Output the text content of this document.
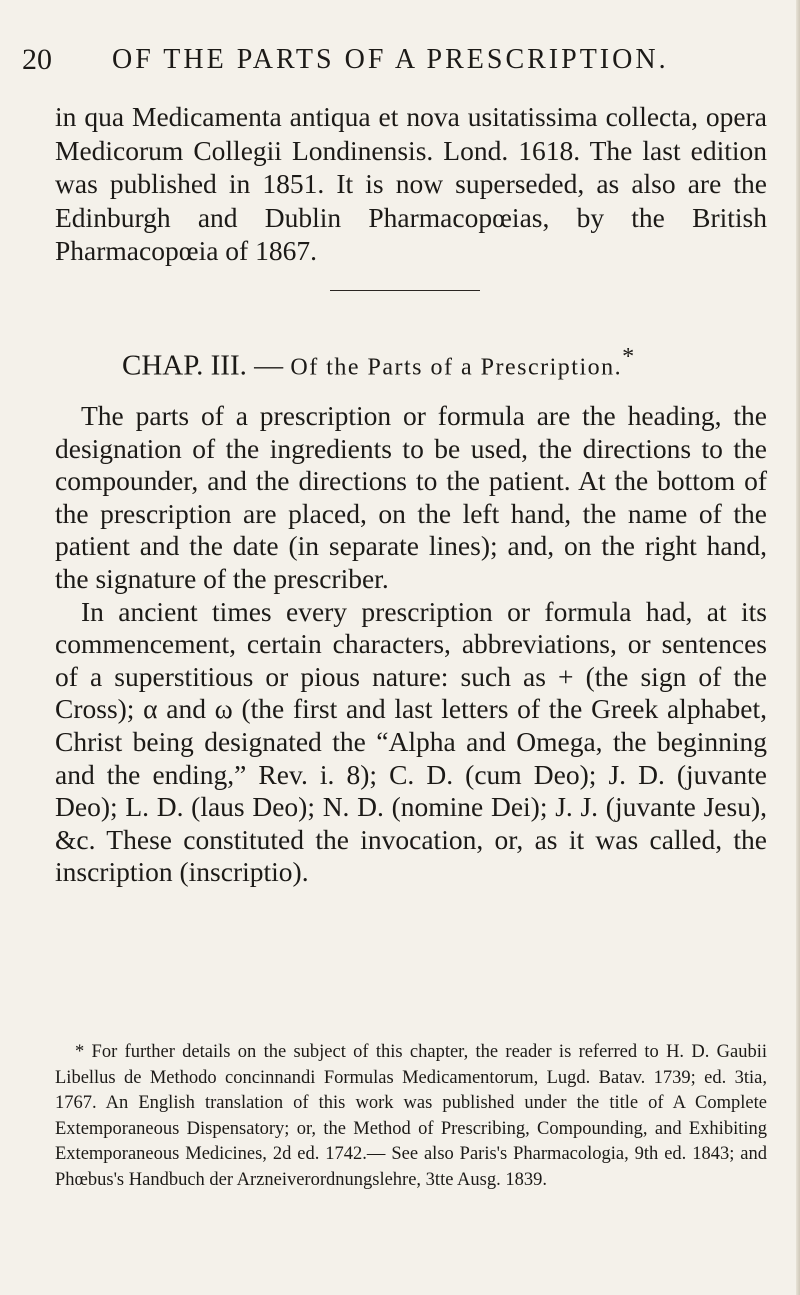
20 OF THE PARTS OF A PRESCRIPTION.
in qua Medicamenta antiqua et nova usitatissima collecta, opera Medicorum Collegii Londinensis. Lond. 1618. The last edition was published in 1851. It is now superseded, as also are the Edinburgh and Dublin Pharmacopœias, by the British Pharmacopœia of 1867.
CHAP. III. — Of the Parts of a Prescription.*

The parts of a prescription or formula are the heading, the designation of the ingredients to be used, the directions to the compounder, and the directions to the patient. At the bottom of the prescription are placed, on the left hand, the name of the patient and the date (in separate lines); and, on the right hand, the signature of the prescriber.

In ancient times every prescription or formula had, at its commencement, certain characters, abbreviations, or sentences of a superstitious or pious nature: such as + (the sign of the Cross); α and ω (the first and last letters of the Greek alphabet, Christ being designated the “Alpha and Omega, the beginning and the ending,” Rev. i. 8); C. D. (cum Deo); J. D. (juvante Deo); L. D. (laus Deo); N. D. (nomine Dei); J. J. (juvante Jesu), &c. These constituted the invocation, or, as it was called, the inscription (inscriptio).

* For further details on the subject of this chapter, the reader is referred to H. D. Gaubii Libellus de Methodo concinnandi Formulas Medicamentorum, Lugd. Batav. 1739; ed. 3tia, 1767. An English translation of this work was published under the title of A Complete Extemporaneous Dispensatory; or, the Method of Prescribing, Compounding, and Exhibiting Extemporaneous Medicines, 2d ed. 1742.— See also Paris's Pharmacologia, 9th ed. 1843; and Phœbus's Handbuch der Arzneiverordnungslehre, 3tte Ausg. 1839.
